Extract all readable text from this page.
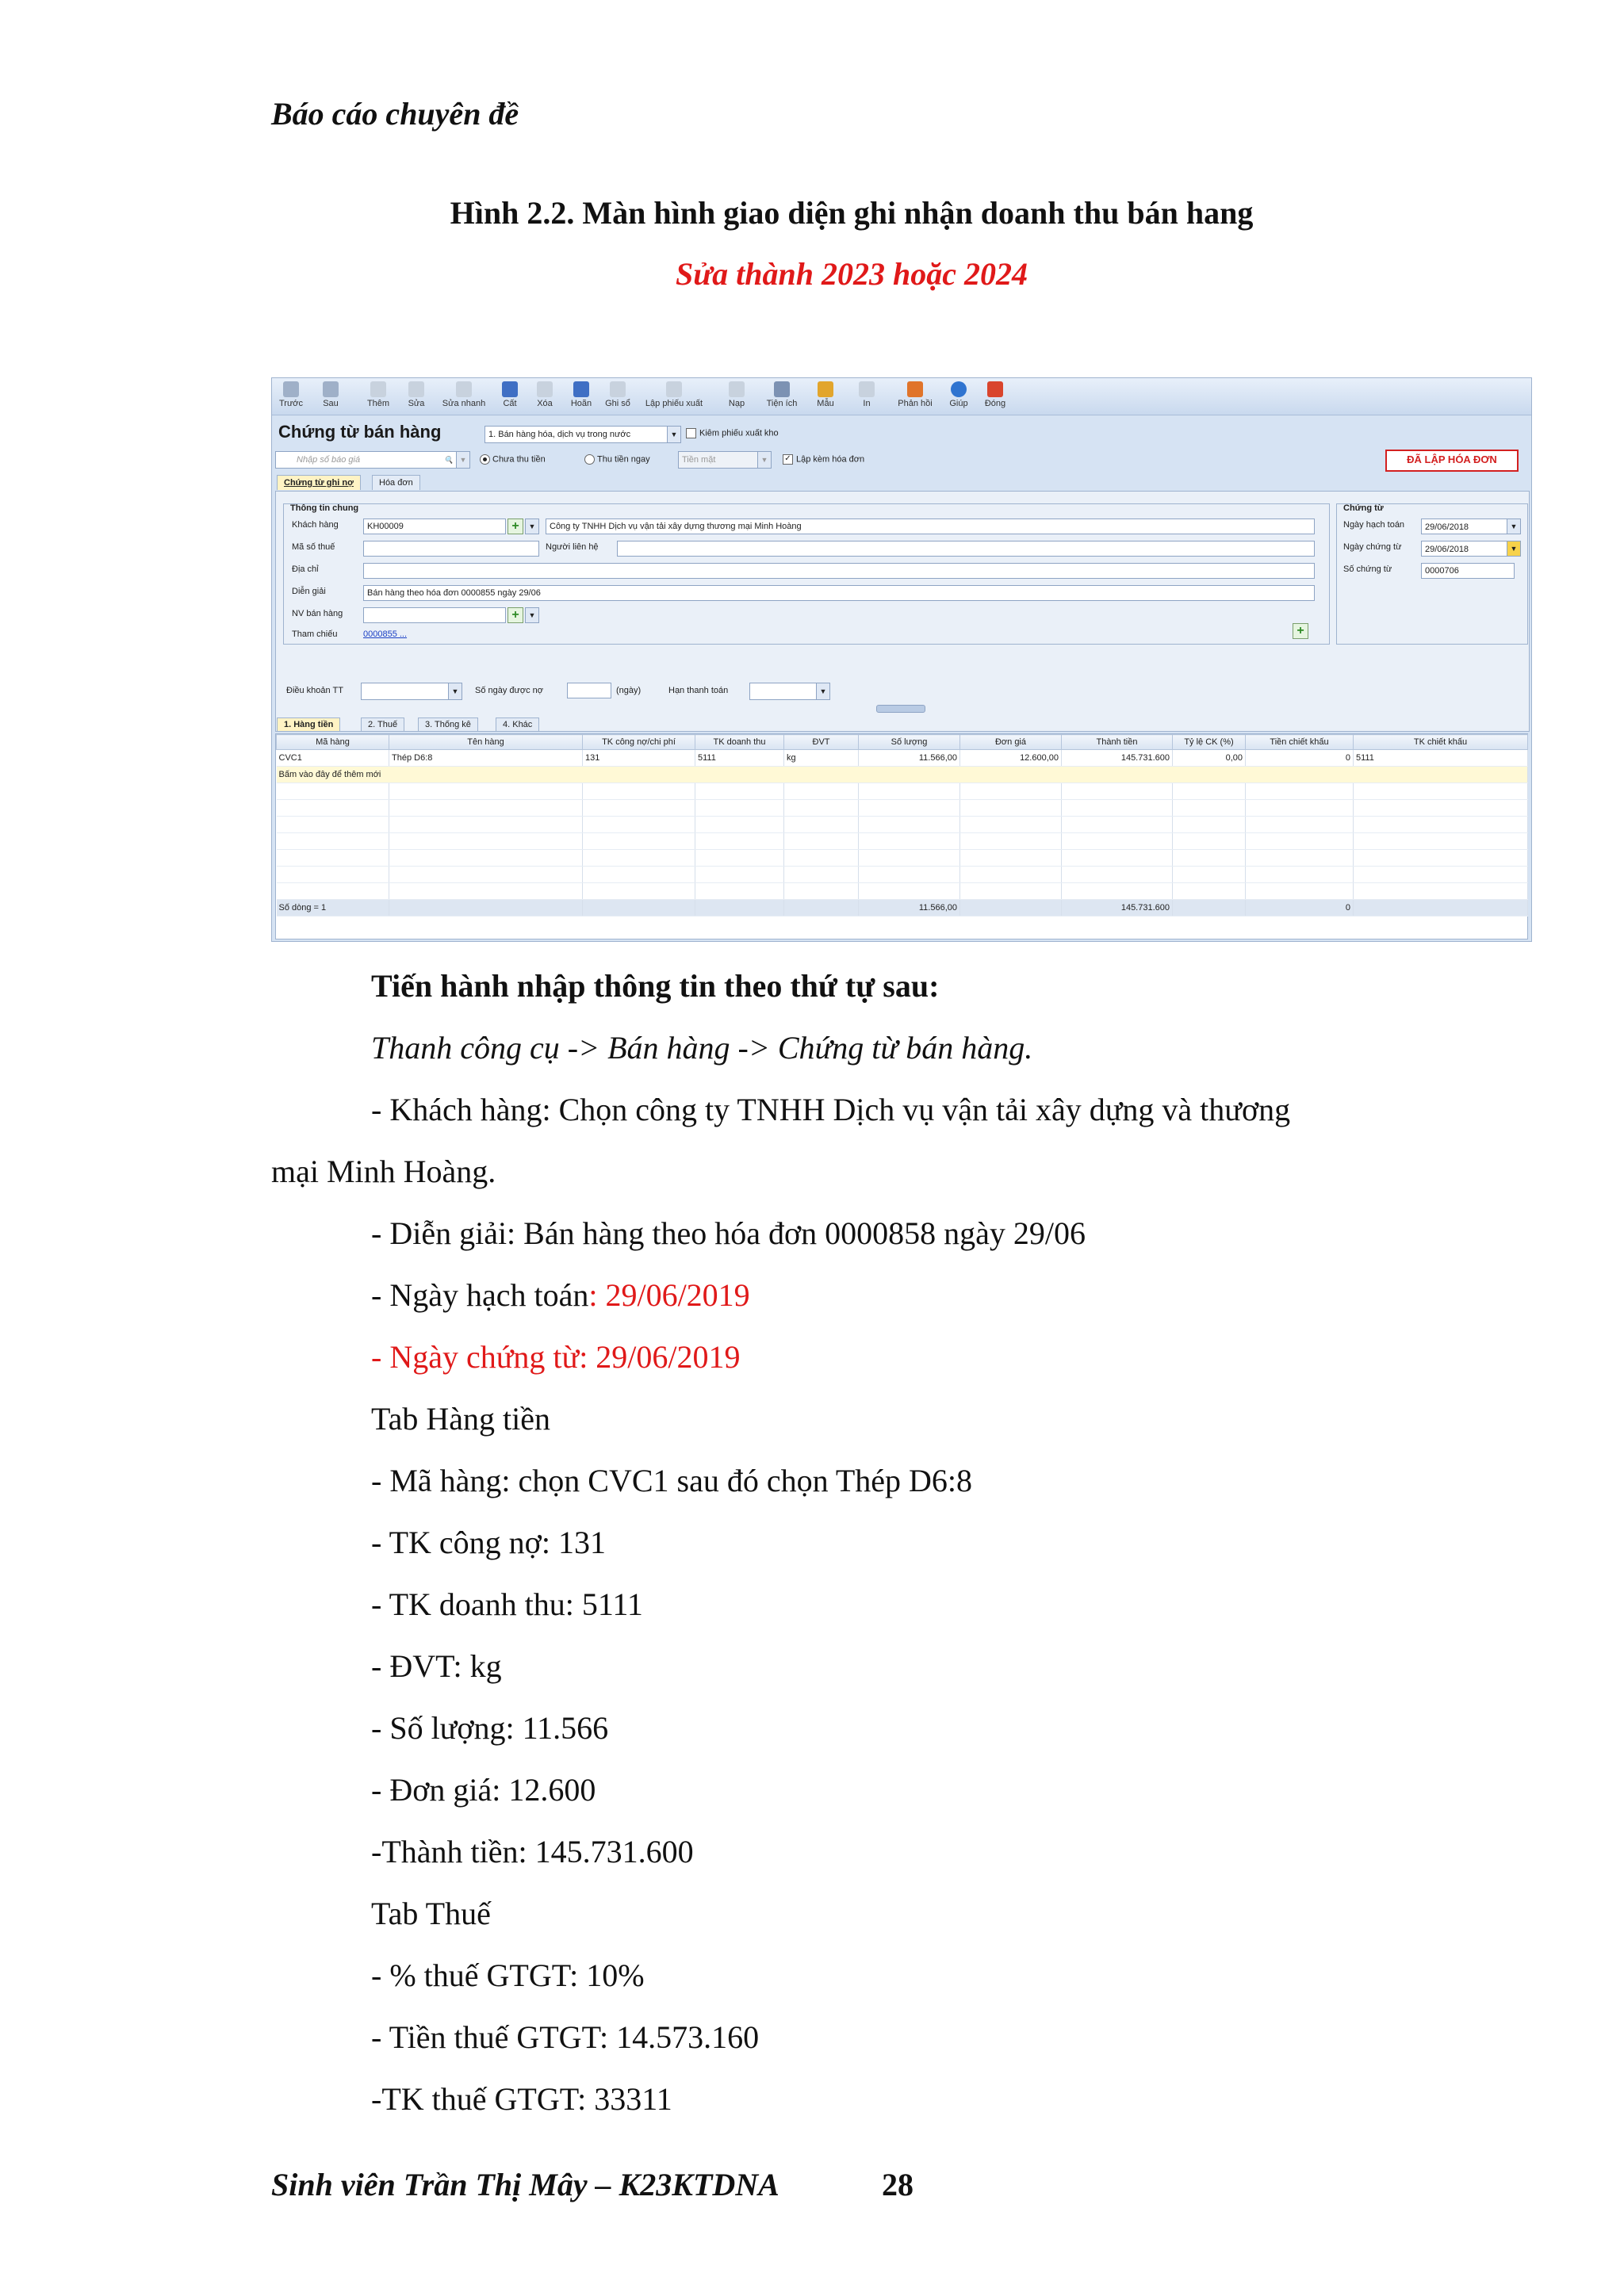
Báo cáo chuyên đề
Hình 2.2. Màn hình giao diện ghi nhận doanh thu bán hang
Sửa thành 2023 hoặc 2024
Trước	Sau	Thêm	Sửa	Sửa nhanh	Cất	Xóa	Hoãn	Ghi sổ	Lập phiếu xuất	Nạp	Tiện ích	Mẫu	In	Phản hồi	Giúp	Đóng
Chứng từ bán hàng	1. Bán hàng hóa, dịch vụ trong nước	▼	Kiêm phiếu xuất kho
Nhập số báo giá	🔍 ▼	Chưa thu tiền	Thu tiền ngay	Tiền mặt	▼	✓ Lập kèm hóa đơn	ĐÃ LẬP HÓA ĐƠN
Chứng từ ghi nợ	Hóa đơn
Thông tin chung
Khách hàng	KH00009	+	▼	Công ty TNHH Dịch vụ vận tải xây dựng thương mại Minh Hoàng
Mã số thuế	Người liên hệ
Địa chỉ
Diễn giải	Bán hàng theo hóa đơn 0000855 ngày 29/06
NV bán hàng	+	▼
Tham chiếu	0000855 ...	+
Chứng từ
Ngày hạch toán	29/06/2018	▼
Ngày chứng từ	29/06/2018	▼
Số chứng từ	0000706
Điều khoản TT	▼	Số ngày được nợ	(ngày)	Hạn thanh toán	▼
1. Hàng tiền	2. Thuế	3. Thống kê	4. Khác
Mã hàng	Tên hàng	TK công nợ/chi phí	TK doanh thu	ĐVT	Số lượng	Đơn giá	Thành tiền	Tỷ lệ CK (%)	Tiền chiết khấu	TK chiết khấu
CVC1	Thép D6:8	131	5111	kg	11.566,00	12.600,00	145.731.600	0,00	0	5111
Bấm vào đây để thêm mới										

Số dòng = 1					11.566,00		145.731.600		0	
Tiến hành nhập thông tin theo thứ tự sau:
Thanh công cụ -> Bán hàng -> Chứng từ bán hàng.
- Khách hàng: Chọn công ty TNHH Dịch vụ vận tải xây dựng và thương
mại Minh Hoàng.
- Diễn giải: Bán hàng theo hóa đơn 0000858 ngày 29/06
- Ngày hạch toán: 29/06/2019
- Ngày chứng từ: 29/06/2019
Tab Hàng tiền
- Mã hàng: chọn CVC1 sau đó chọn Thép D6:8
- TK công nợ: 131
- TK doanh thu: 5111
- ĐVT: kg
- Số lượng: 11.566
- Đơn giá: 12.600
-Thành tiền: 145.731.600
Tab Thuế
- % thuế GTGT: 10%
- Tiền thuế GTGT: 14.573.160
-TK thuế GTGT: 33311
Sinh viên Trần Thị Mây – K23KTDNA	28
